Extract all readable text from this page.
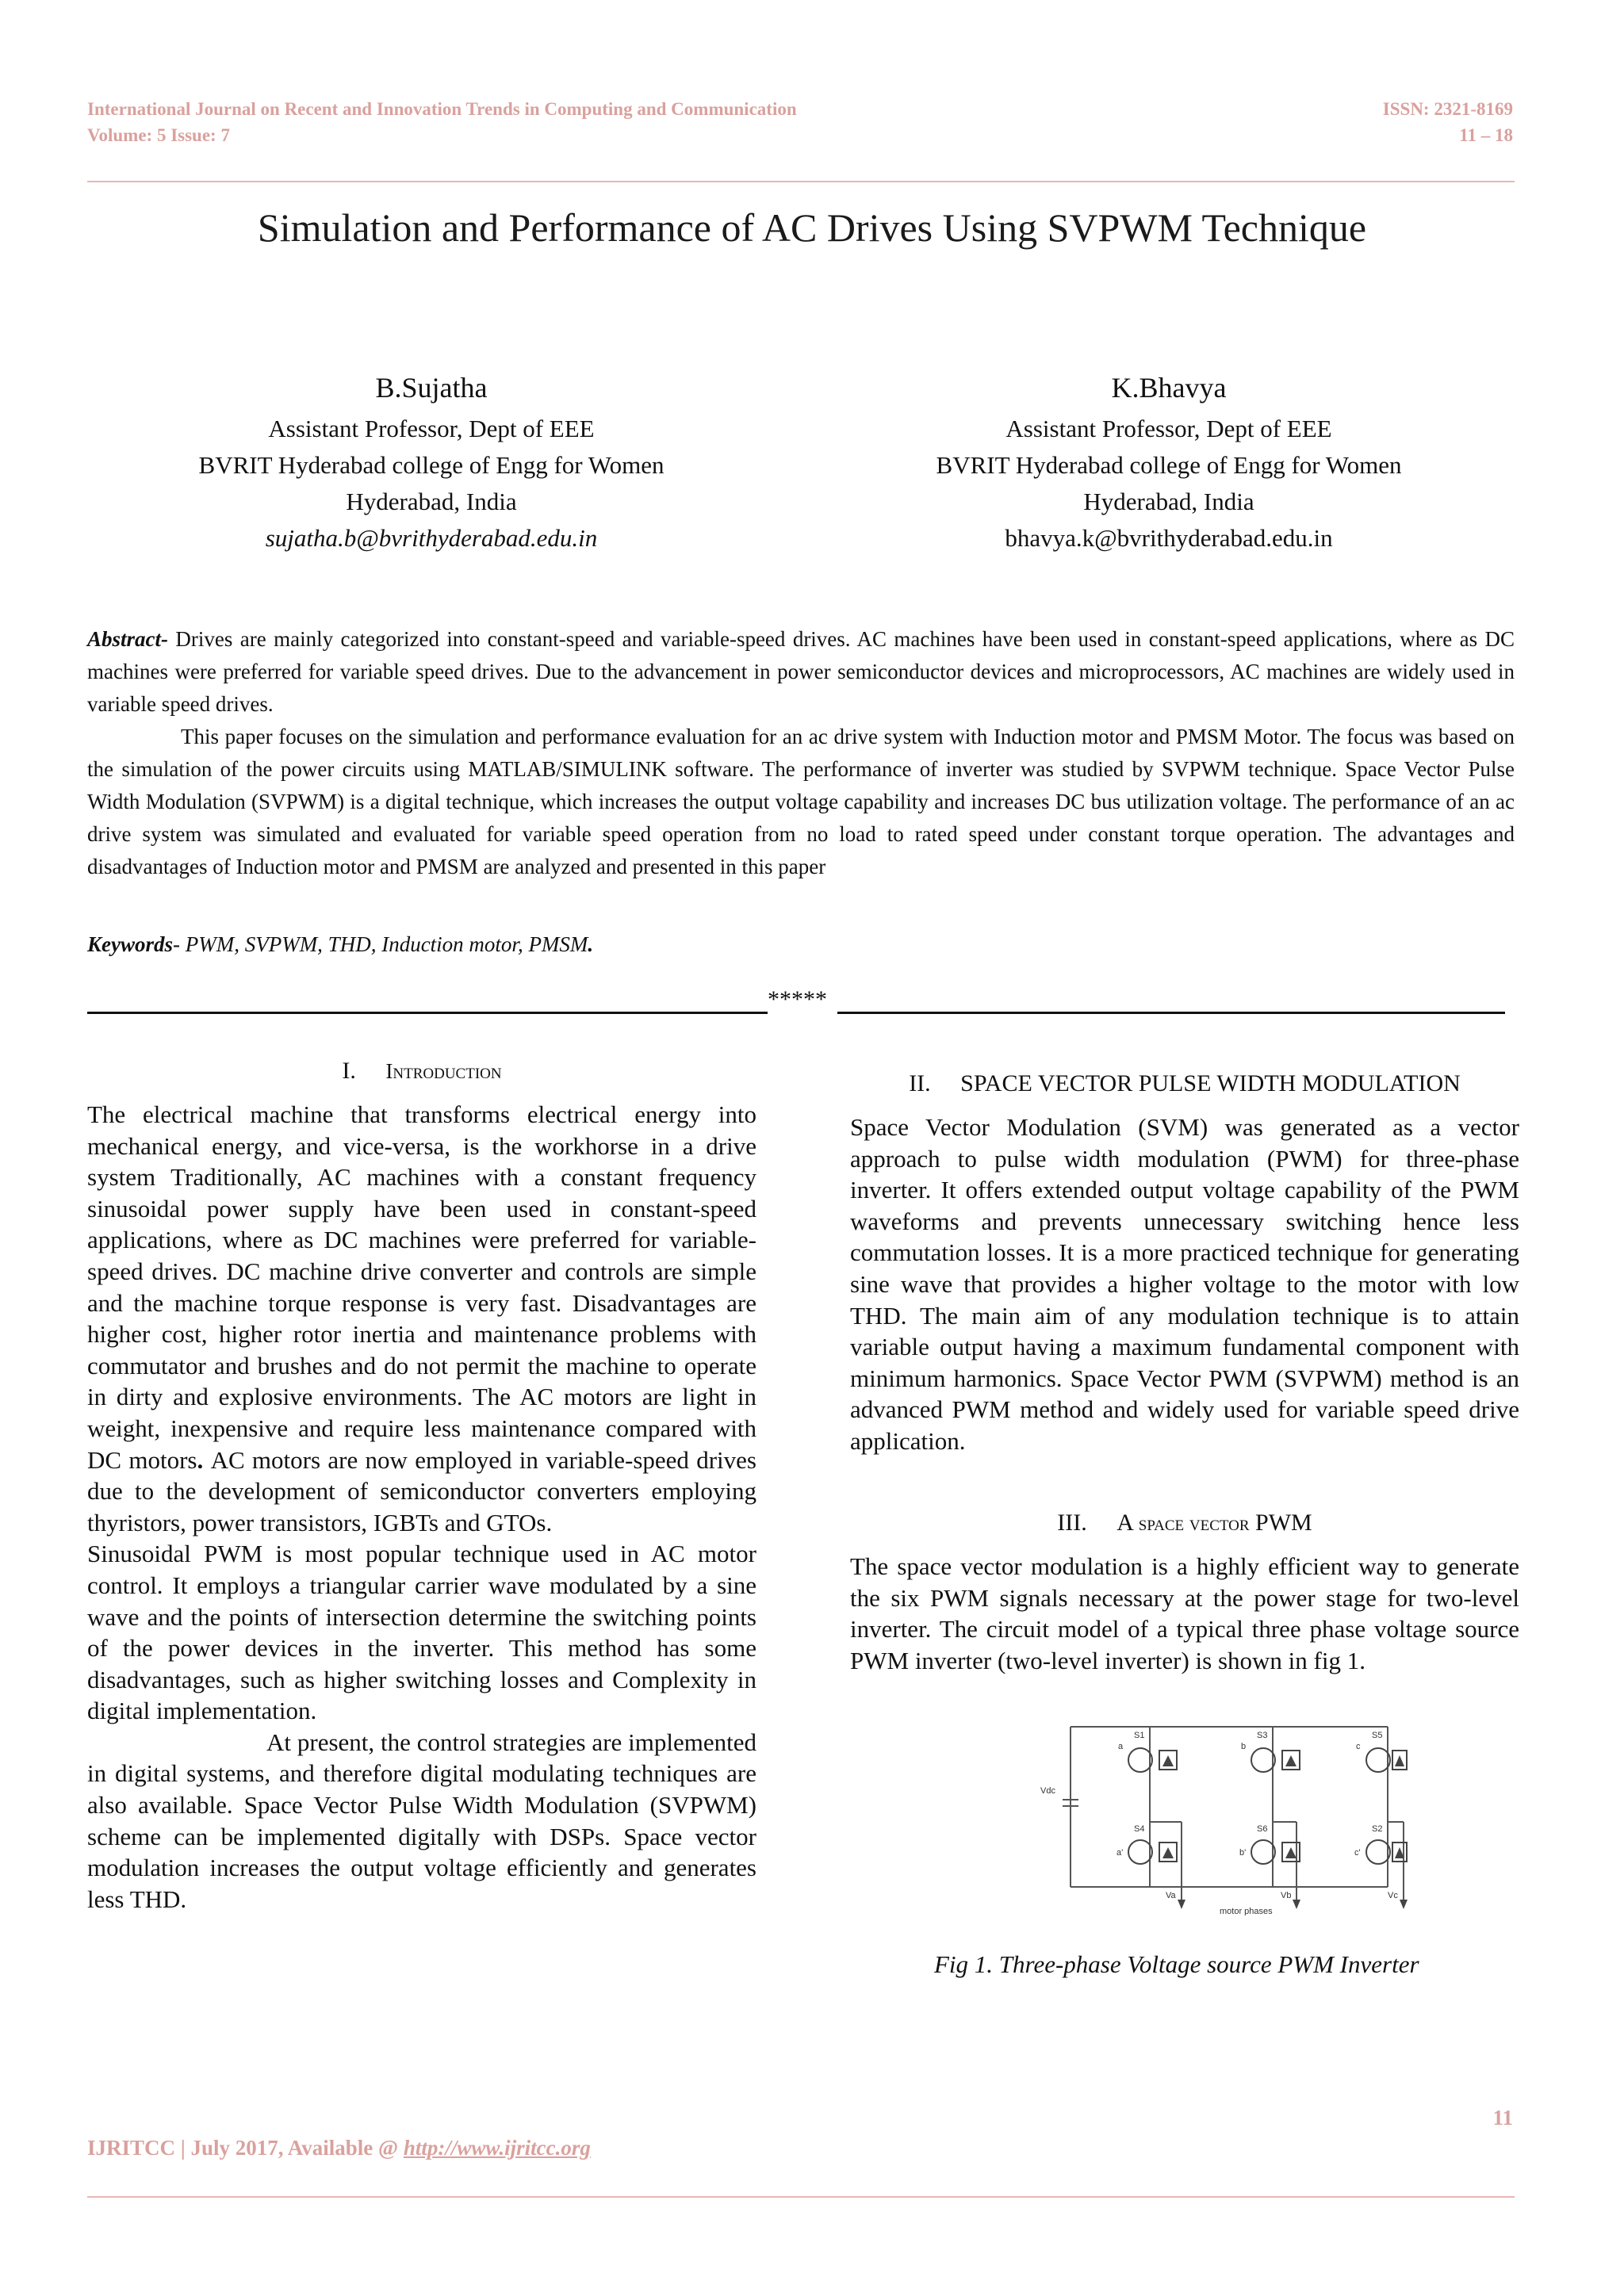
International Journal on Recent and Innovation Trends in Computing and Communication	ISSN: 2321-8169
Volume: 5 Issue: 7	11 – 18
Simulation and Performance of AC Drives Using SVPWM Technique
B.Sujatha
Assistant Professor, Dept of EEE
BVRIT Hyderabad college of Engg for Women
Hyderabad, India
sujatha.b@bvrithyderabad.edu.in
K.Bhavya
Assistant Professor, Dept of EEE
BVRIT Hyderabad college of Engg for Women
Hyderabad, India
bhavya.k@bvrithyderabad.edu.in

Abstract- Drives are mainly categorized into constant-speed and variable-speed drives. AC machines have been used in constant-speed applications, where as DC machines were preferred for variable speed drives. Due to the advancement in power semiconductor devices and microprocessors, AC machines are widely used in variable speed drives.

This paper focuses on the simulation and performance evaluation for an ac drive system with Induction motor and PMSM Motor. The focus was based on the simulation of the power circuits using MATLAB/SIMULINK software. The performance of inverter was studied by SVPWM technique. Space Vector Pulse Width Modulation (SVPWM) is a digital technique, which increases the output voltage capability and increases DC bus utilization voltage. The performance of an ac drive system was simulated and evaluated for variable speed operation from no load to rated speed under constant torque operation. The advantages and disadvantages of Induction motor and PMSM are analyzed and presented in this paper

Keywords- PWM, SVPWM, THD, Induction motor, PMSM.
*****
I. Introduction

The electrical machine that transforms electrical energy into mechanical energy, and vice-versa, is the workhorse in a drive system Traditionally, AC machines with a constant frequency sinusoidal power supply have been used in constant-speed applications, where as DC machines were preferred for variable-speed drives. DC machine drive converter and controls are simple and the machine torque response is very fast. Disadvantages are higher cost, higher rotor inertia and maintenance problems with commutator and brushes and do not permit the machine to operate in dirty and explosive environments. The AC motors are light in weight, inexpensive and require less maintenance compared with DC motors. AC motors are now employed in variable-speed drives due to the development of semiconductor converters employing thyristors, power transistors, IGBTs and GTOs.

Sinusoidal PWM is most popular technique used in AC motor control. It employs a triangular carrier wave modulated by a sine wave and the points of intersection determine the switching points of the power devices in the inverter. This method has some disadvantages, such as higher switching losses and Complexity in digital implementation.

At present, the control strategies are implemented in digital systems, and therefore digital modulating techniques are also available. Space Vector Pulse Width Modulation (SVPWM) scheme can be implemented digitally with DSPs. Space vector modulation increases the output voltage efficiently and generates less THD.

II. SPACE VECTOR PULSE WIDTH MODULATION

Space Vector Modulation (SVM) was generated as a vector approach to pulse width modulation (PWM) for three-phase inverter. It offers extended output voltage capability of the PWM waveforms and prevents unnecessary switching hence less commutation losses. It is a more practiced technique for generating sine wave that provides a higher voltage to the motor with low THD. The main aim of any modulation technique is to attain variable output having a maximum fundamental component with minimum harmonics. Space Vector PWM (SVPWM) method is an advanced PWM method and widely used for variable speed drive application.

III. A space vector PWM

The space vector modulation is a highly efficient way to generate the six PWM signals necessary at the power stage for two-level inverter. The circuit model of a typical three phase voltage source PWM inverter (two-level inverter) is shown in fig 1.

S1	S3	S5
S4	S6	S2
a	b	c
a'	b'	c'
Vdc
Va	Vb	Vc
motor phases
Fig 1. Three-phase Voltage source PWM Inverter
11
IJRITCC | July 2017, Available @ http://www.ijritcc.org
